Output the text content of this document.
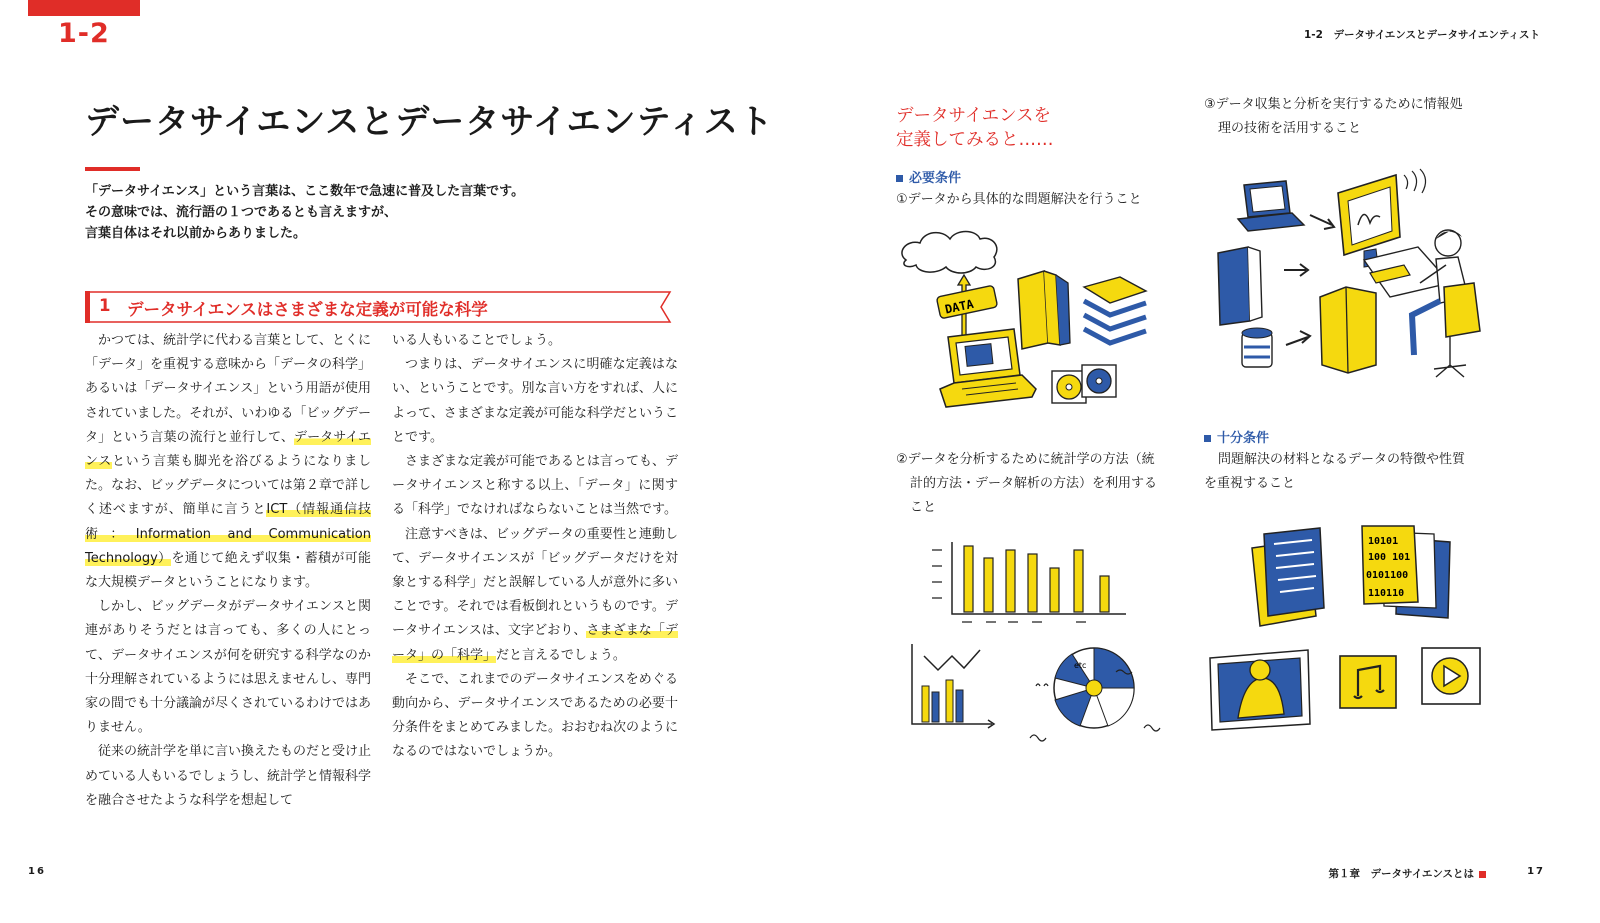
1-2
データサイエンスとデータサイエンティスト

「データサイエンス」という言葉は、ここ数年で急速に普及した言葉です。

その意味では、流行語の１つであるとも言えますが、

言葉自体はそれ以前からありました。

1 データサイエンスはさまざまな定義が可能な科学

かつては、統計学に代わる言葉として、とくに「データ」を重視する意味から「データの科学」あるいは「データサイエンス」という用語が使用されていました。それが、いわゆる「ビッグデータ」という言葉の流行と並行して、データサイエンスという言葉も脚光を浴びるようになりました。なお、ビッグデータについては第２章で詳しく述べますが、簡単に言うとICT（情報通信技術：Information and Communication Technology）を通じて絶えず収集・蓄積が可能な大規模データということになります。

しかし、ビッグデータがデータサイエンスと関連がありそうだとは言っても、多くの人にとって、データサイエンスが何を研究する科学なのか十分理解されているようには思えませんし、専門家の間でも十分議論が尽くされているわけではありません。

従来の統計学を単に言い換えたものだと受け止めている人もいるでしょうし、統計学と情報科学を融合させたような科学を想起して

いる人もいることでしょう。

つまりは、データサイエンスに明確な定義はない、ということです。別な言い方をすれば、人によって、さまざまな定義が可能な科学だということです。

さまざまな定義が可能であるとは言っても、データサイエンスと称する以上、「データ」に関する「科学」でなければならないことは当然です。

注意すべきは、ビッグデータの重要性と連動して、データサイエンスが「ビッグデータだけを対象とする科学」だと誤解している人が意外に多いことです。それでは看板倒れというものです。データサイエンスは、文字どおり、さまざまな「データ」の「科学」だと言えるでしょう。

そこで、これまでのデータサイエンスをめぐる動向から、データサイエンスであるための必要十分条件をまとめてみました。おおむね次のようになるのではないでしょうか。

16
1-2　データサイエンスとデータサイエンティスト
データサイエンスを
定義してみると……
必要条件
①データから具体的な問題解決を行うこと
③データ収集と分析を実行するために情報処
理の技術を活用すること
②データを分析するために統計学の方法（統
計的方法・データ解析の方法）を利用する
こと
十分条件
問題解決の材料となるデータの特徴や性質
を重視すること
DATA
etc
10101
100 101
0101100
110110
第１章　データサイエンスとは	17
